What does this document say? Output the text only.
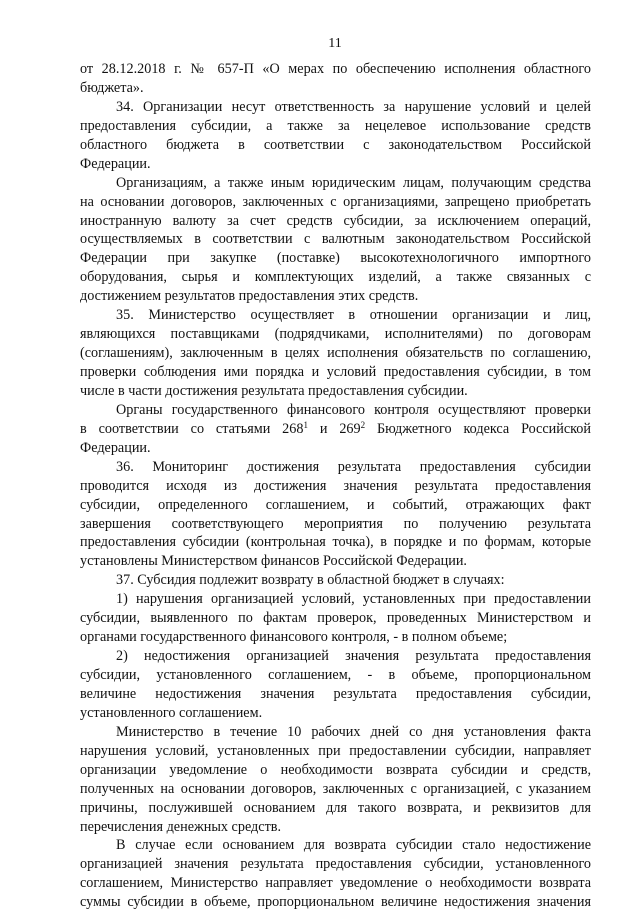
11
от 28.12.2018 г. № 657-П «О мерах по обеспечению исполнения областного
бюджета».
34. Организации несут ответственность за нарушение условий и целей
предоставления субсидии, а также за нецелевое использование средств
областного бюджета в соответствии с законодательством Российской
Федерации.
Организациям, а также иным юридическим лицам, получающим средства
на основании договоров, заключенных с организациями, запрещено приобретать
иностранную валюту за счет средств субсидии, за исключением операций,
осуществляемых в соответствии с валютным законодательством Российской
Федерации при закупке (поставке) высокотехнологичного импортного
оборудования, сырья и комплектующих изделий, а также связанных с
достижением результатов предоставления этих средств.
35. Министерство осуществляет в отношении организации и лиц,
являющихся поставщиками (подрядчиками, исполнителями) по договорам
(соглашениям), заключенным в целях исполнения обязательств по соглашению,
проверки соблюдения ими порядка и условий предоставления субсидии, в том
числе в части достижения результата предоставления субсидии.
Органы государственного финансового контроля осуществляют проверки
в соответствии со статьями $268^1$ и $269^2$ Бюджетного кодекса Российской
Федерации.
36. Мониторинг достижения результата предоставления субсидии
проводится исходя из достижения значения результата предоставления
субсидии, определенного соглашением, и событий, отражающих факт
завершения соответствующего мероприятия по получению результата
предоставления субсидии (контрольная точка), в порядке и по формам, которые
установлены Министерством финансов Российской Федерации.
37. Субсидия подлежит возврату в областной бюджет в случаях:
1) нарушения организацией условий, установленных при предоставлении
субсидии, выявленного по фактам проверок, проведенных Министерством и
органами государственного финансового контроля, - в полном объеме;
2) недостижения организацией значения результата предоставления
субсидии, установленного соглашением, - в объеме, пропорциональном
величине недостижения значения результата предоставления субсидии,
установленного соглашением.
Министерство в течение 10 рабочих дней со дня установления факта
нарушения условий, установленных при предоставлении субсидии, направляет
организации уведомление о необходимости возврата субсидии и средств,
полученных на основании договоров, заключенных с организацией, с указанием
причины, послужившей основанием для такого возврата, и реквизитов для
перечисления денежных средств.
В случае если основанием для возврата субсидии стало недостижение
организацией значения результата предоставления субсидии, установленного
соглашением, Министерство направляет уведомление о необходимости возврата
суммы субсидии в объеме, пропорциональном величине недостижения значения
